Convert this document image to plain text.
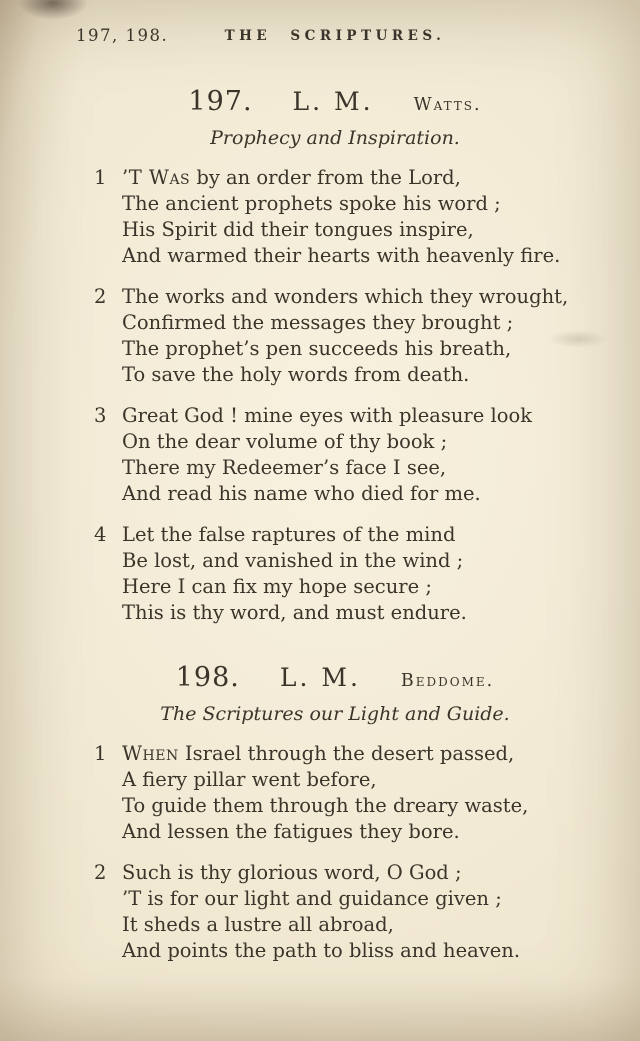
197, 198.	THE SCRIPTURES.
197. L. M. Watts.
Prophecy and Inspiration.
1 ’T Was by an order from the Lord,
The ancient prophets spoke his word ;
His Spirit did their tongues inspire,
And warmed their hearts with heavenly fire.
2 The works and wonders which they wrought,
Confirmed the messages they brought ;
The prophet’s pen succeeds his breath,
To save the holy words from death.
3 Great God ! mine eyes with pleasure look
On the dear volume of thy book ;
There my Redeemer’s face I see,
And read his name who died for me.
4 Let the false raptures of the mind
Be lost, and vanished in the wind ;
Here I can fix my hope secure ;
This is thy word, and must endure.
198. L. M. Beddome.
The Scriptures our Light and Guide.
1 When Israel through the desert passed,
A fiery pillar went before,
To guide them through the dreary waste,
And lessen the fatigues they bore.
2 Such is thy glorious word, O God ;
’T is for our light and guidance given ;
It sheds a lustre all abroad,
And points the path to bliss and heaven.
